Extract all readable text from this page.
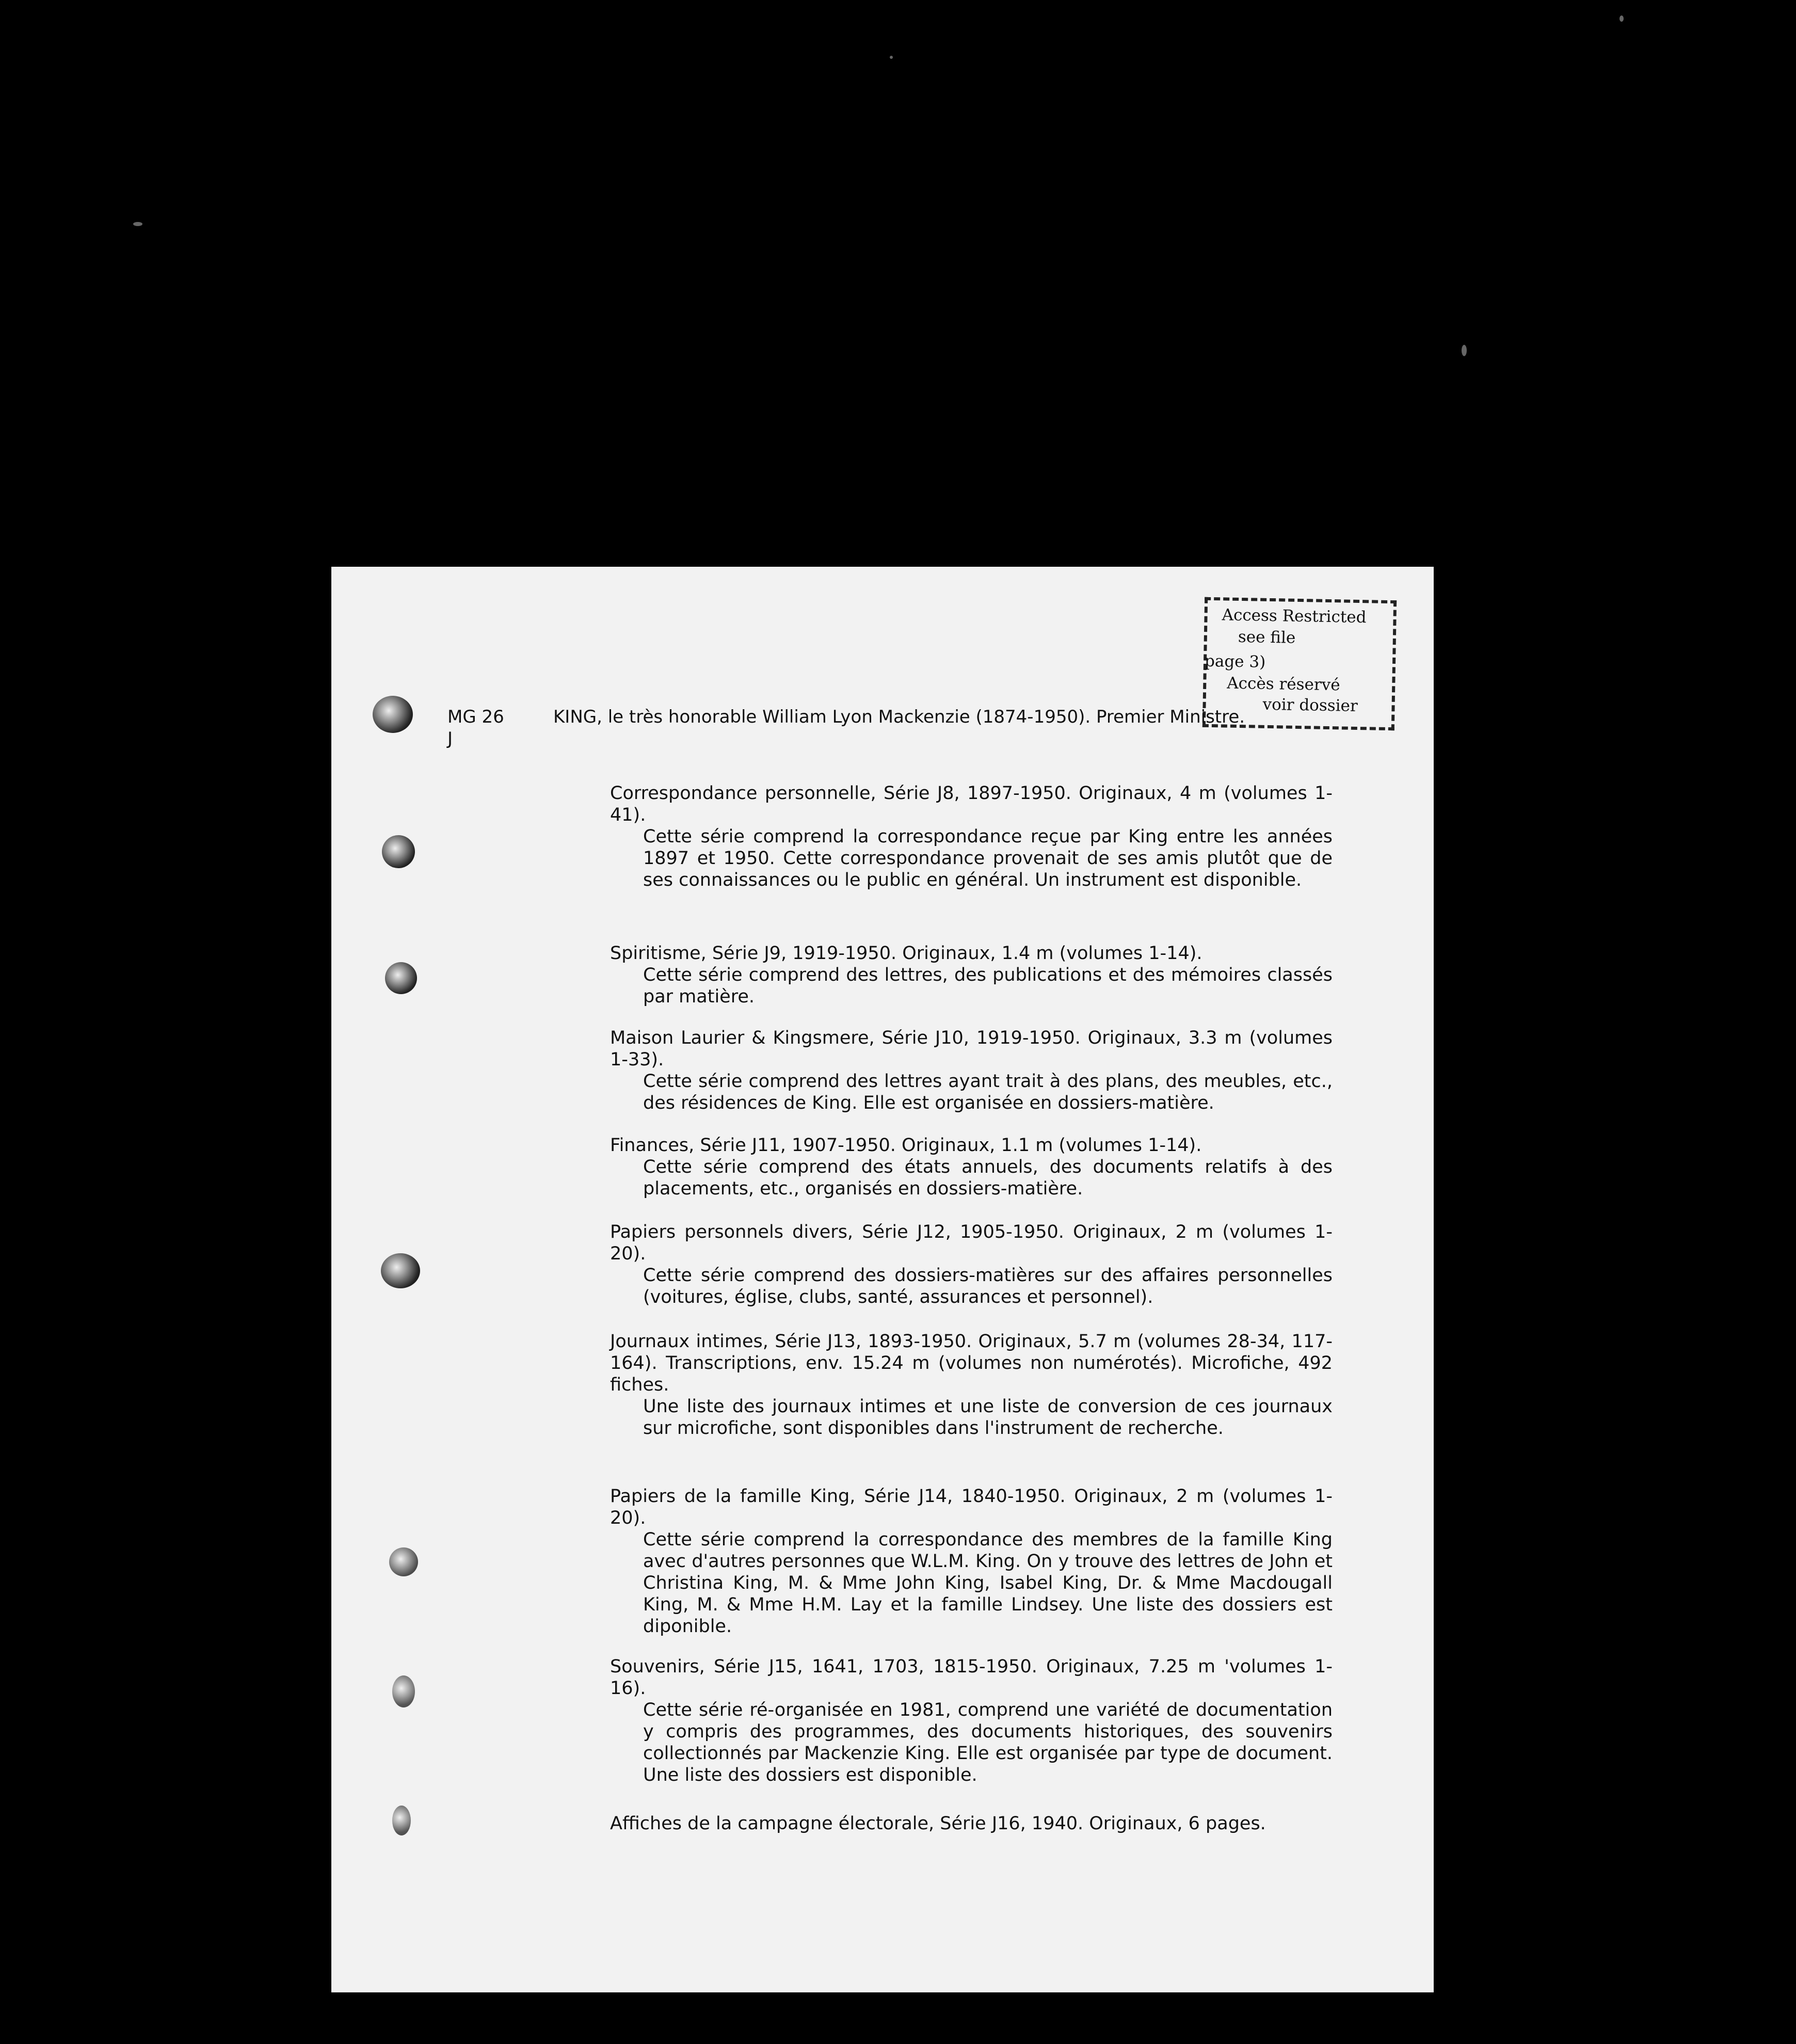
Access Restricted
see file
page 3)
Accès réservé
voir dossier
MG 26
J
KING, le très honorable William Lyon Mackenzie (1874-1950). Premier Ministre.

Correspondance personnelle, Série J8, 1897-1950. Originaux, 4 m (volumes 1-41).

Cette série comprend la correspondance reçue par King entre les années 1897 et 1950. Cette correspondance provenait de ses amis plutôt que de ses connaissances ou le public en général. Un instrument est disponible.

Spiritisme, Série J9, 1919-1950. Originaux, 1.4 m (volumes 1-14).

Cette série comprend des lettres, des publications et des mémoires classés par matière.

Maison Laurier & Kingsmere, Série J10, 1919-1950. Originaux, 3.3 m (volumes 1-33).

Cette série comprend des lettres ayant trait à des plans, des meubles, etc., des résidences de King. Elle est organisée en dossiers-matière.

Finances, Série J11, 1907-1950. Originaux, 1.1 m (volumes 1-14).

Cette série comprend des états annuels, des documents relatifs à des placements, etc., organisés en dossiers-matière.

Papiers personnels divers, Série J12, 1905-1950. Originaux, 2 m (volumes 1-20).

Cette série comprend des dossiers-matières sur des affaires personnelles (voitures, église, clubs, santé, assurances et personnel).

Journaux intimes, Série J13, 1893-1950. Originaux, 5.7 m (volumes 28-34, 117-164). Transcriptions, env. 15.24 m (volumes non numérotés). Microfiche, 492 fiches.

Une liste des journaux intimes et une liste de conversion de ces journaux sur microfiche, sont disponibles dans l'instrument de recherche.

Papiers de la famille King, Série J14, 1840-1950. Originaux, 2 m (volumes 1-20).

Cette série comprend la correspondance des membres de la famille King avec d'autres personnes que W.L.M. King. On y trouve des lettres de John et Christina King, M. & Mme John King, Isabel King, Dr. & Mme Macdougall King, M. & Mme H.M. Lay et la famille Lindsey. Une liste des dossiers est diponible.

Souvenirs, Série J15, 1641, 1703, 1815-1950. Originaux, 7.25 m 'volumes 1-16).

Cette série ré-organisée en 1981, comprend une variété de documentation y compris des programmes, des documents historiques, des souvenirs collectionnés par Mackenzie King. Elle est organisée par type de document. Une liste des dossiers est disponible.

Affiches de la campagne électorale, Série J16, 1940. Originaux, 6 pages.
